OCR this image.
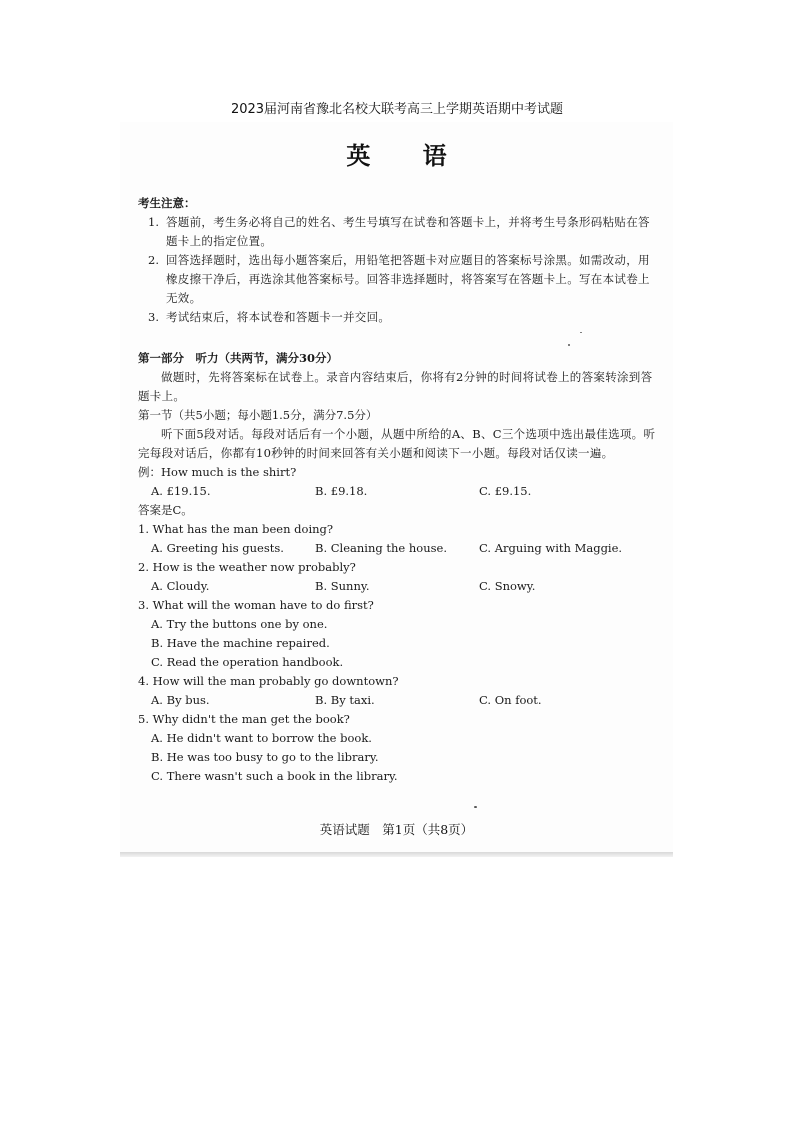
2023届河南省豫北名校大联考高三上学期英语期中考试题
英 语
考生注意：
1. 答题前，考生务必将自己的姓名、考生号填写在试卷和答题卡上，并将考生号条形码粘贴在答题卡上的指定位置。
2. 回答选择题时，选出每小题答案后，用铅笔把答题卡对应题目的答案标号涂黑。如需改动，用橡皮擦干净后，再选涂其他答案标号。回答非选择题时，将答案写在答题卡上。写在本试卷上无效。
3. 考试结束后，将本试卷和答题卡一并交回。
第一部分　听力（共两节，满分30分）
做题时，先将答案标在试卷上。录音内容结束后，你将有2分钟的时间将试卷上的答案转涂到答题卡上。
第一节（共5小题；每小题1.5分，满分7.5分）
听下面5段对话。每段对话后有一个小题，从题中所给的A、B、C三个选项中选出最佳选项。听完每段对话后，你都有10秒钟的时间来回答有关小题和阅读下一小题。每段对话仅读一遍。
例：How much is the shirt?
A. £19.15.	B. £9.18.	C. £9.15.
答案是C。
1. What has the man been doing?
A. Greeting his guests.	B. Cleaning the house.	C. Arguing with Maggie.
2. How is the weather now probably?
A. Cloudy.	B. Sunny.	C. Snowy.
3. What will the woman have to do first?
A. Try the buttons one by one.
B. Have the machine repaired.
C. Read the operation handbook.
4. How will the man probably go downtown?
A. By bus.	B. By taxi.	C. On foot.
5. Why didn't the man get the book?
A. He didn't want to borrow the book.
B. He was too busy to go to the library.
C. There wasn't such a book in the library.
英语试题　第1页（共8页）
